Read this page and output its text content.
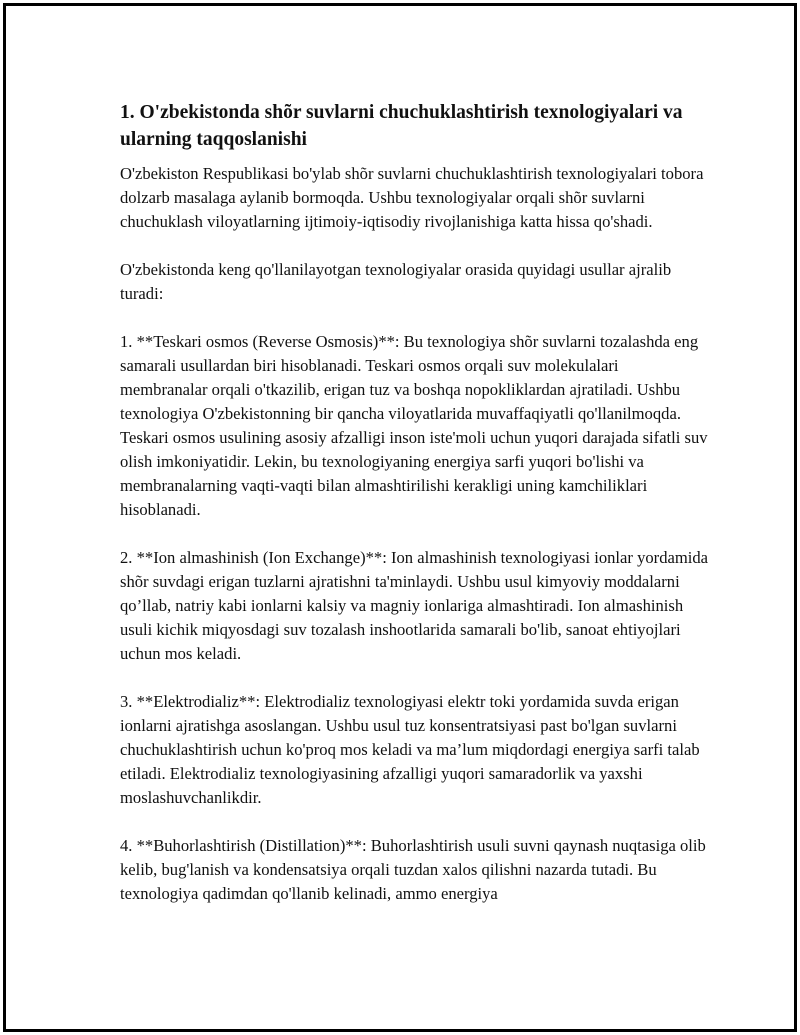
1. O'zbekistonda shõr suvlarni chuchuklashtirish texnologiyalari va ularning taqqoslanishi

O'zbekiston Respublikasi bo'ylab shõr suvlarni chuchuklashtirish texnologiyalari tobora dolzarb masalaga aylanib bormoqda. Ushbu texnologiyalar orqali shõr suvlarni chuchuklash viloyatlarning ijtimoiy-iqtisodiy rivojlanishiga katta hissa qo'shadi.

O'zbekistonda keng qo'llanilayotgan texnologiyalar orasida quyidagi usullar ajralib turadi:

1. **Teskari osmos (Reverse Osmosis)**: Bu texnologiya shõr suvlarni tozalashda eng samarali usullardan biri hisoblanadi. Teskari osmos orqali suv molekulalari membranalar orqali o'tkazilib, erigan tuz va boshqa nopokliklardan ajratiladi. Ushbu texnologiya O'zbekistonning bir qancha viloyatlarida muvaffaqiyatli qo'llanilmoqda. Teskari osmos usulining asosiy afzalligi inson iste'moli uchun yuqori darajada sifatli suv olish imkoniyatidir. Lekin, bu texnologiyaning energiya sarfi yuqori bo'lishi va membranalarning vaqti-vaqti bilan almashtirilishi kerakligi uning kamchiliklari hisoblanadi.

2. **Ion almashinish (Ion Exchange)**: Ion almashinish texnologiyasi ionlar yordamida shõr suvdagi erigan tuzlarni ajratishni ta'minlaydi. Ushbu usul kimyoviy moddalarni qo’llab, natriy kabi ionlarni kalsiy va magniy ionlariga almashtiradi. Ion almashinish usuli kichik miqyosdagi suv tozalash inshootlarida samarali bo'lib, sanoat ehtiyojlari uchun mos keladi.

3. **Elektrodializ**: Elektrodializ texnologiyasi elektr toki yordamida suvda erigan ionlarni ajratishga asoslangan. Ushbu usul tuz konsentratsiyasi past bo'lgan suvlarni chuchuklashtirish uchun ko'proq mos keladi va ma’lum miqdordagi energiya sarfi talab etiladi. Elektrodializ texnologiyasining afzalligi yuqori samaradorlik va yaxshi moslashuvchanlikdir.

4. **Buhorlashtirish (Distillation)**: Buhorlashtirish usuli suvni qaynash nuqtasiga olib kelib, bug'lanish va kondensatsiya orqali tuzdan xalos qilishni nazarda tutadi. Bu texnologiya qadimdan qo'llanib kelinadi, ammo energiya
